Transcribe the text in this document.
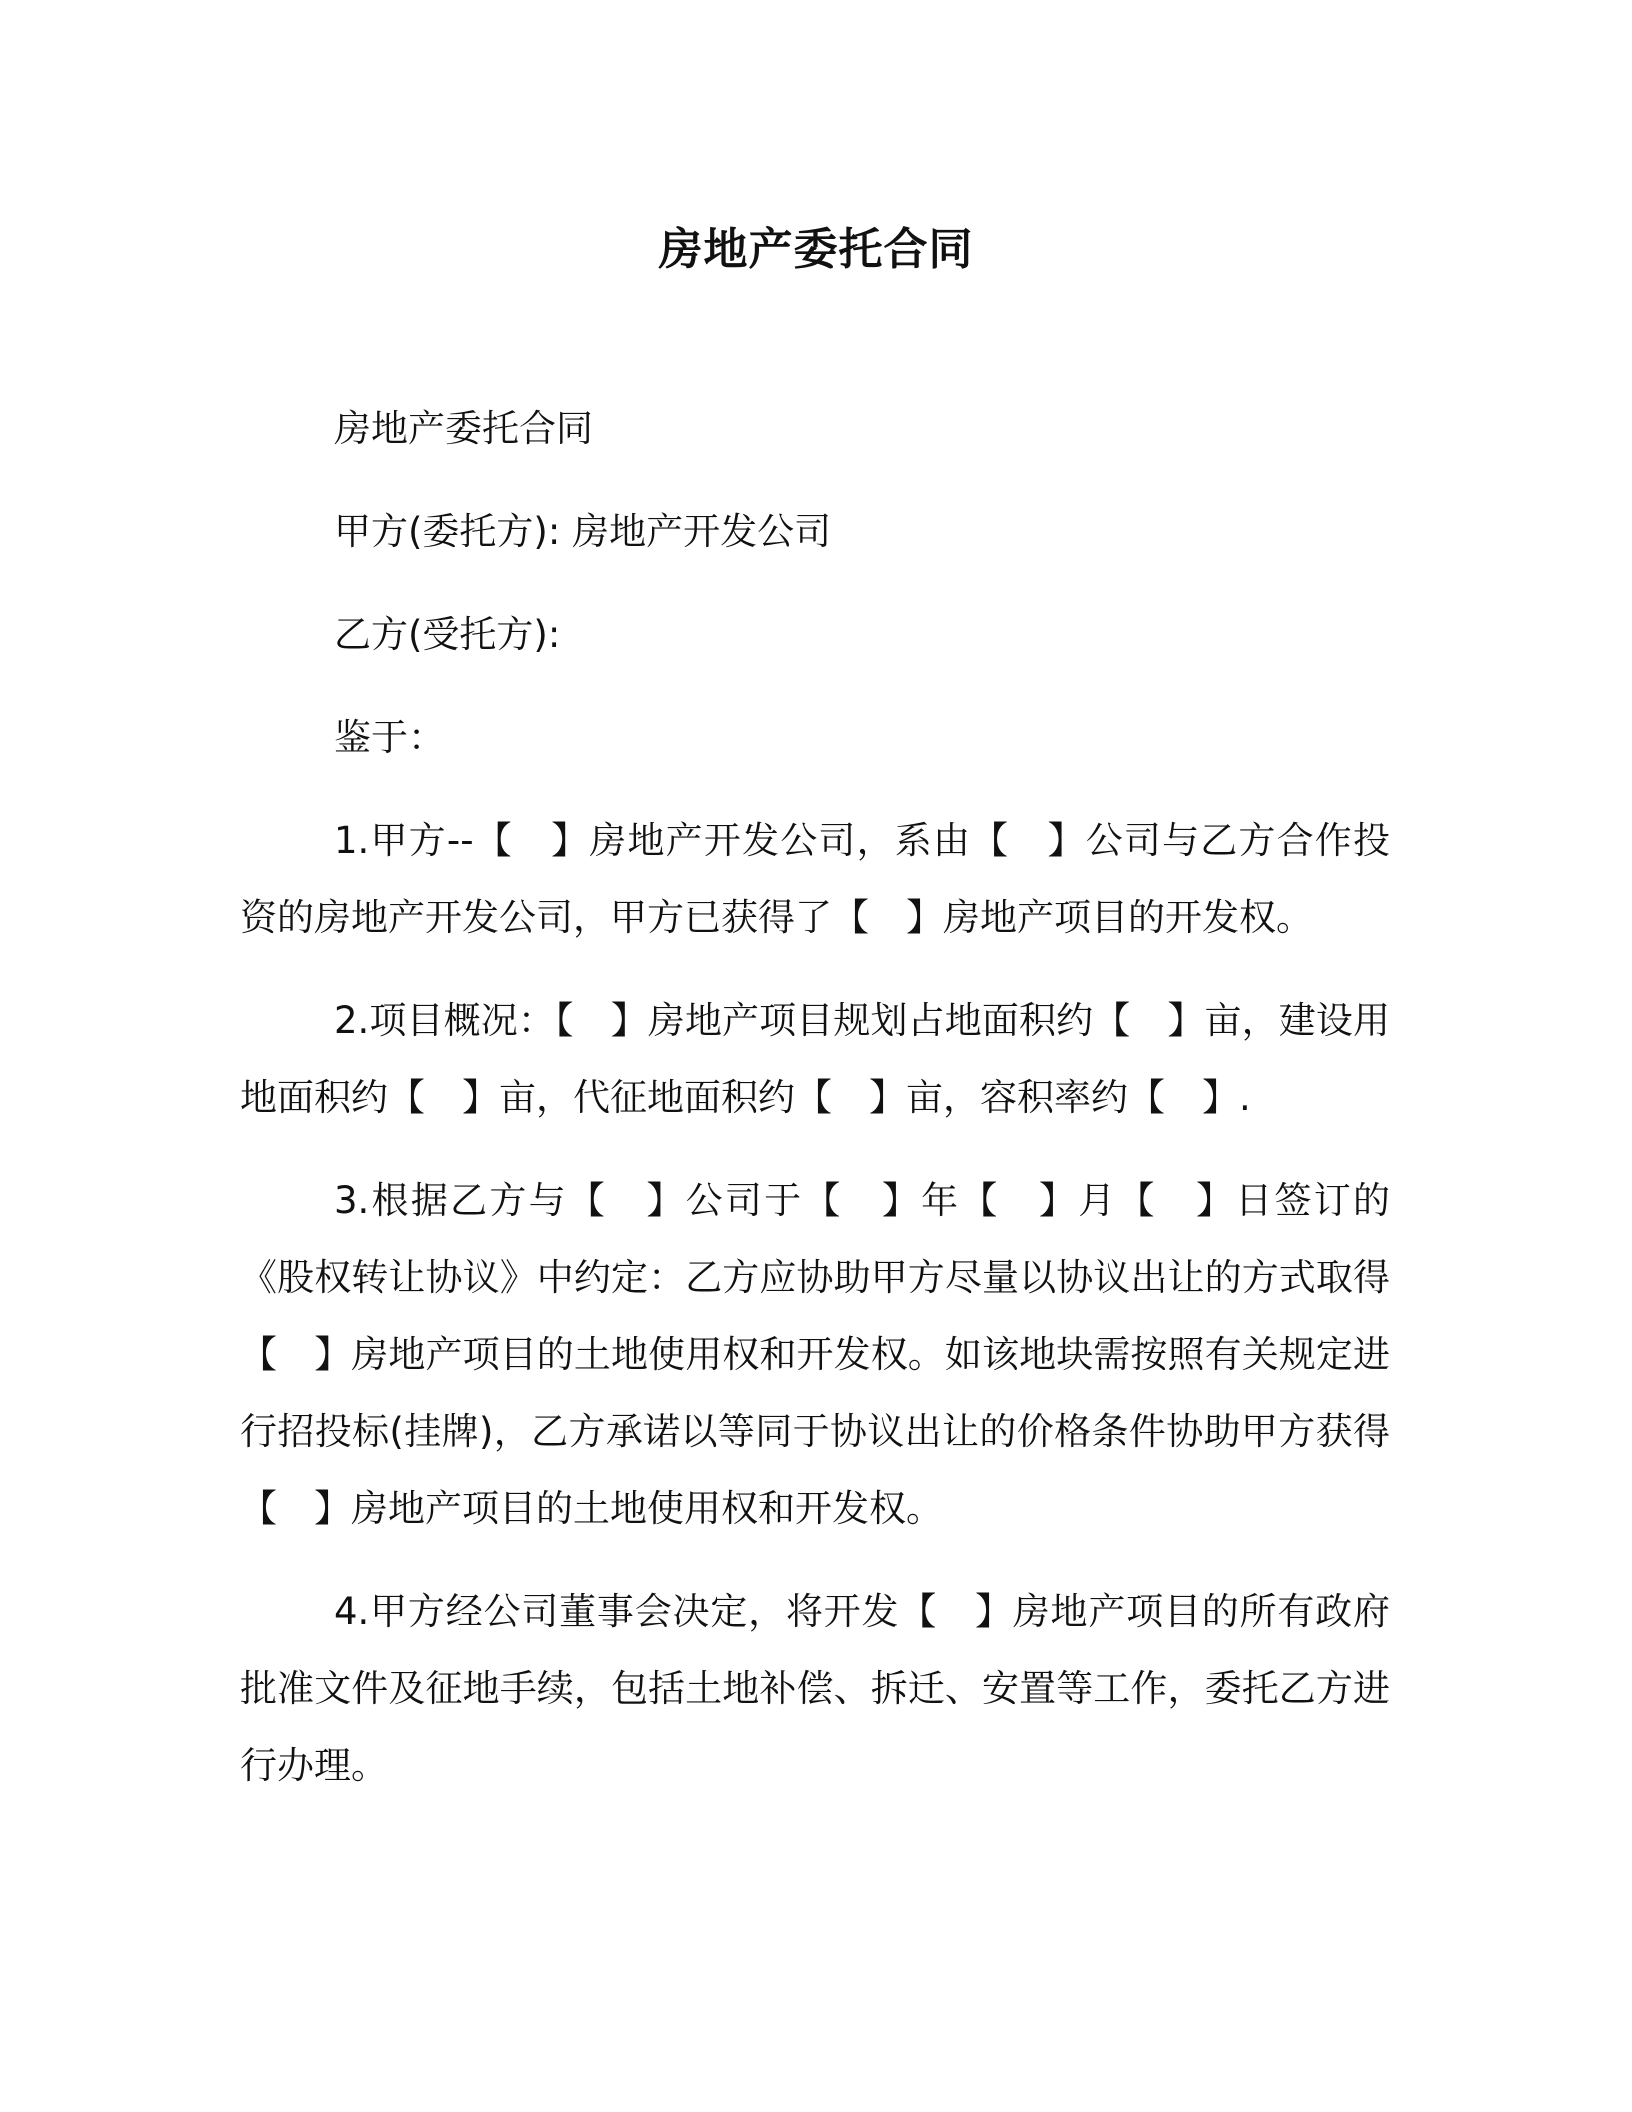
房地产委托合同

房地产委托合同

甲方(委托方): 房地产开发公司

乙方(受托方):

鉴于：

1.甲方--【　】房地产开发公司，系由【　】公司与乙方合作投资的房地产开发公司，甲方已获得了【　】房地产项目的开发权。

2.项目概况：【　】房地产项目规划占地面积约【　】亩，建设用地面积约【　】亩，代征地面积约【　】亩，容积率约【　】.

3.根据乙方与【　】公司于【　】年【　】月【　】日签订的《股权转让协议》中约定：乙方应协助甲方尽量以协议出让的方式取得【　】房地产项目的土地使用权和开发权。如该地块需按照有关规定进行招投标(挂牌)，乙方承诺以等同于协议出让的价格条件协助甲方获得【　】房地产项目的土地使用权和开发权。

4.甲方经公司董事会决定，将开发【　】房地产项目的所有政府批准文件及征地手续，包括土地补偿、拆迁、安置等工作，委托乙方进行办理。
